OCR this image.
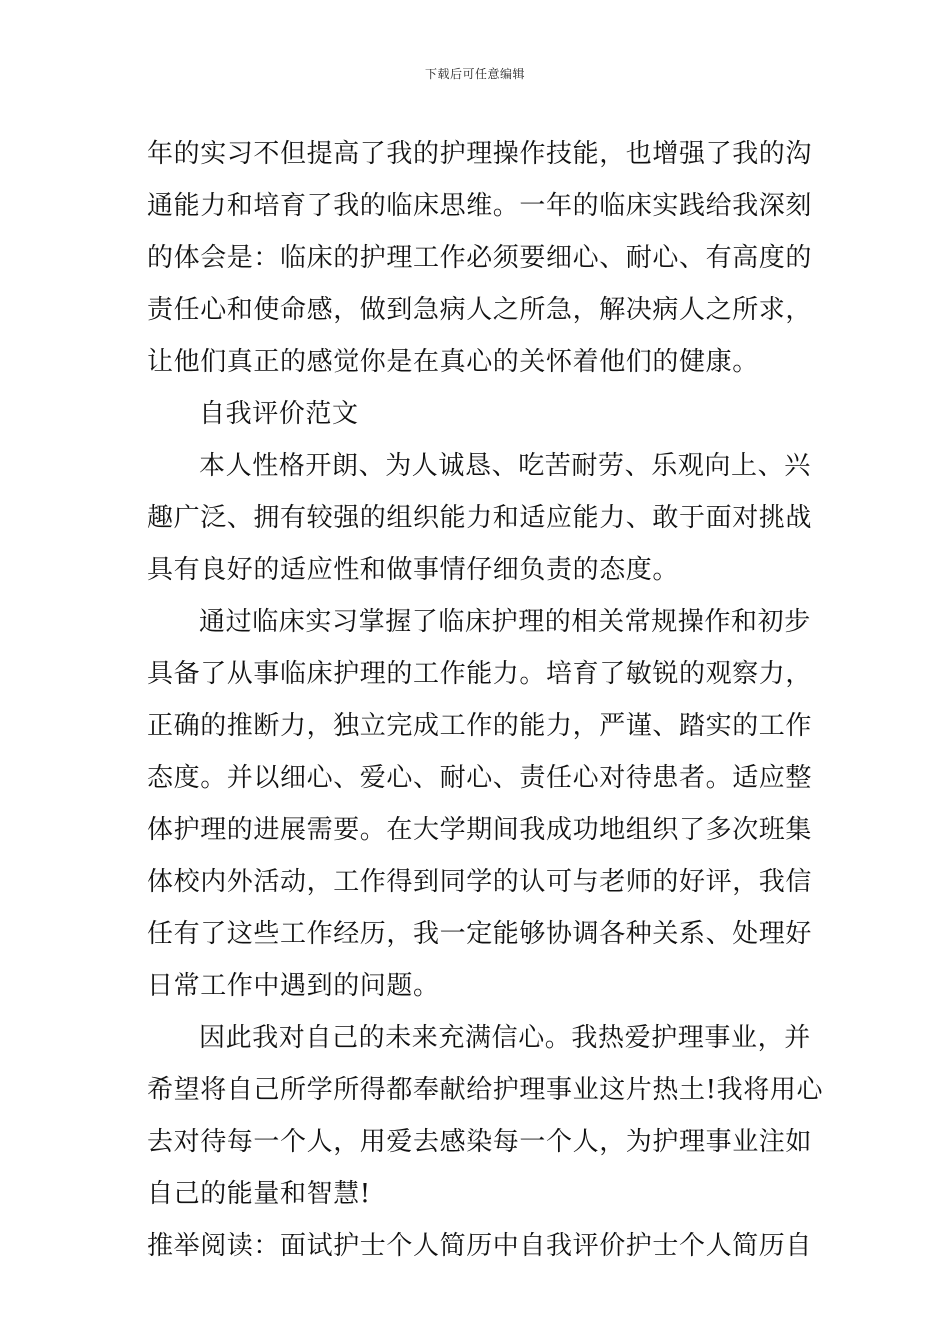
下载后可任意编辑
年的实习不但提高了我的护理操作技能，也增强了我的沟
通能力和培育了我的临床思维。一年的临床实践给我深刻
的体会是：临床的护理工作必须要细心、耐心、有高度的
责任心和使命感，做到急病人之所急，解决病人之所求，
让他们真正的感觉你是在真心的关怀着他们的健康。
自我评价范文
本人性格开朗、为人诚恳、吃苦耐劳、乐观向上、兴
趣广泛、拥有较强的组织能力和适应能力、敢于面对挑战
具有良好的适应性和做事情仔细负责的态度。
通过临床实习掌握了临床护理的相关常规操作和初步
具备了从事临床护理的工作能力。培育了敏锐的观察力，
正确的推断力，独立完成工作的能力，严谨、踏实的工作
态度。并以细心、爱心、耐心、责任心对待患者。适应整
体护理的进展需要。在大学期间我成功地组织了多次班集
体校内外活动，工作得到同学的认可与老师的好评，我信
任有了这些工作经历，我一定能够协调各种关系、处理好
日常工作中遇到的问题。
因此我对自己的未来充满信心。我热爱护理事业，并
希望将自己所学所得都奉献给护理事业这片热土!我将用心
去对待每一个人，用爱去感染每一个人，为护理事业注如
自己的能量和智慧!
推举阅读：面试护士个人简历中自我评价护士个人简历自
